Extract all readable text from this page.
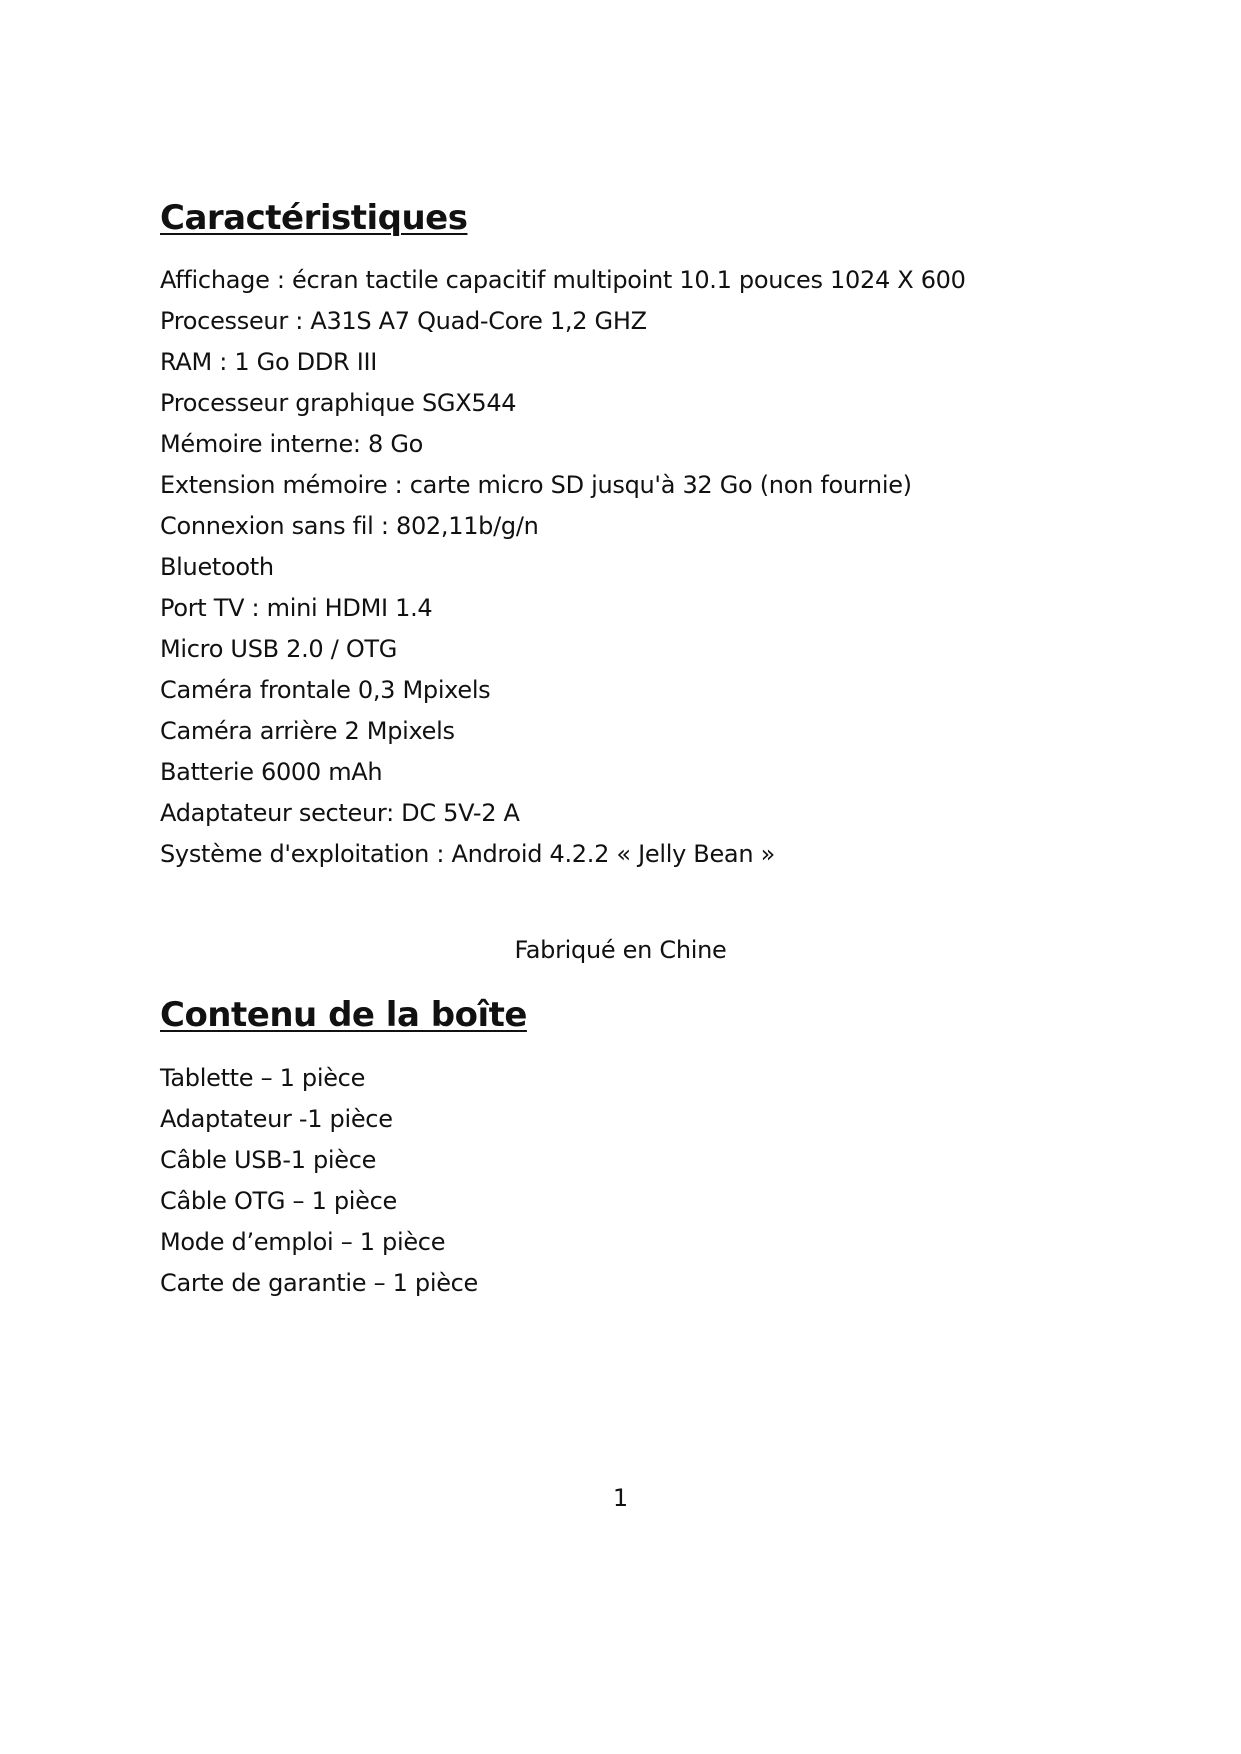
Caractéristiques
Affichage : écran tactile capacitif multipoint 10.1 pouces 1024 X 600
Processeur : A31S A7 Quad-Core 1,2 GHZ
RAM : 1 Go DDR III
Processeur graphique SGX544
Mémoire interne: 8 Go
Extension mémoire : carte micro SD jusqu'à 32 Go (non fournie)
Connexion sans fil : 802,11b/g/n
Bluetooth
Port TV : mini HDMI 1.4
Micro USB 2.0 / OTG
Caméra frontale 0,3 Mpixels
Caméra arrière 2 Mpixels
Batterie 6000 mAh
Adaptateur secteur: DC 5V-2 A
Système d'exploitation : Android 4.2.2 « Jelly Bean »
Fabriqué en Chine
Contenu de la boîte
Tablette – 1 pièce
Adaptateur -1 pièce
Câble USB-1 pièce
Câble OTG – 1 pièce
Mode d’emploi – 1 pièce
Carte de garantie – 1 pièce
1
